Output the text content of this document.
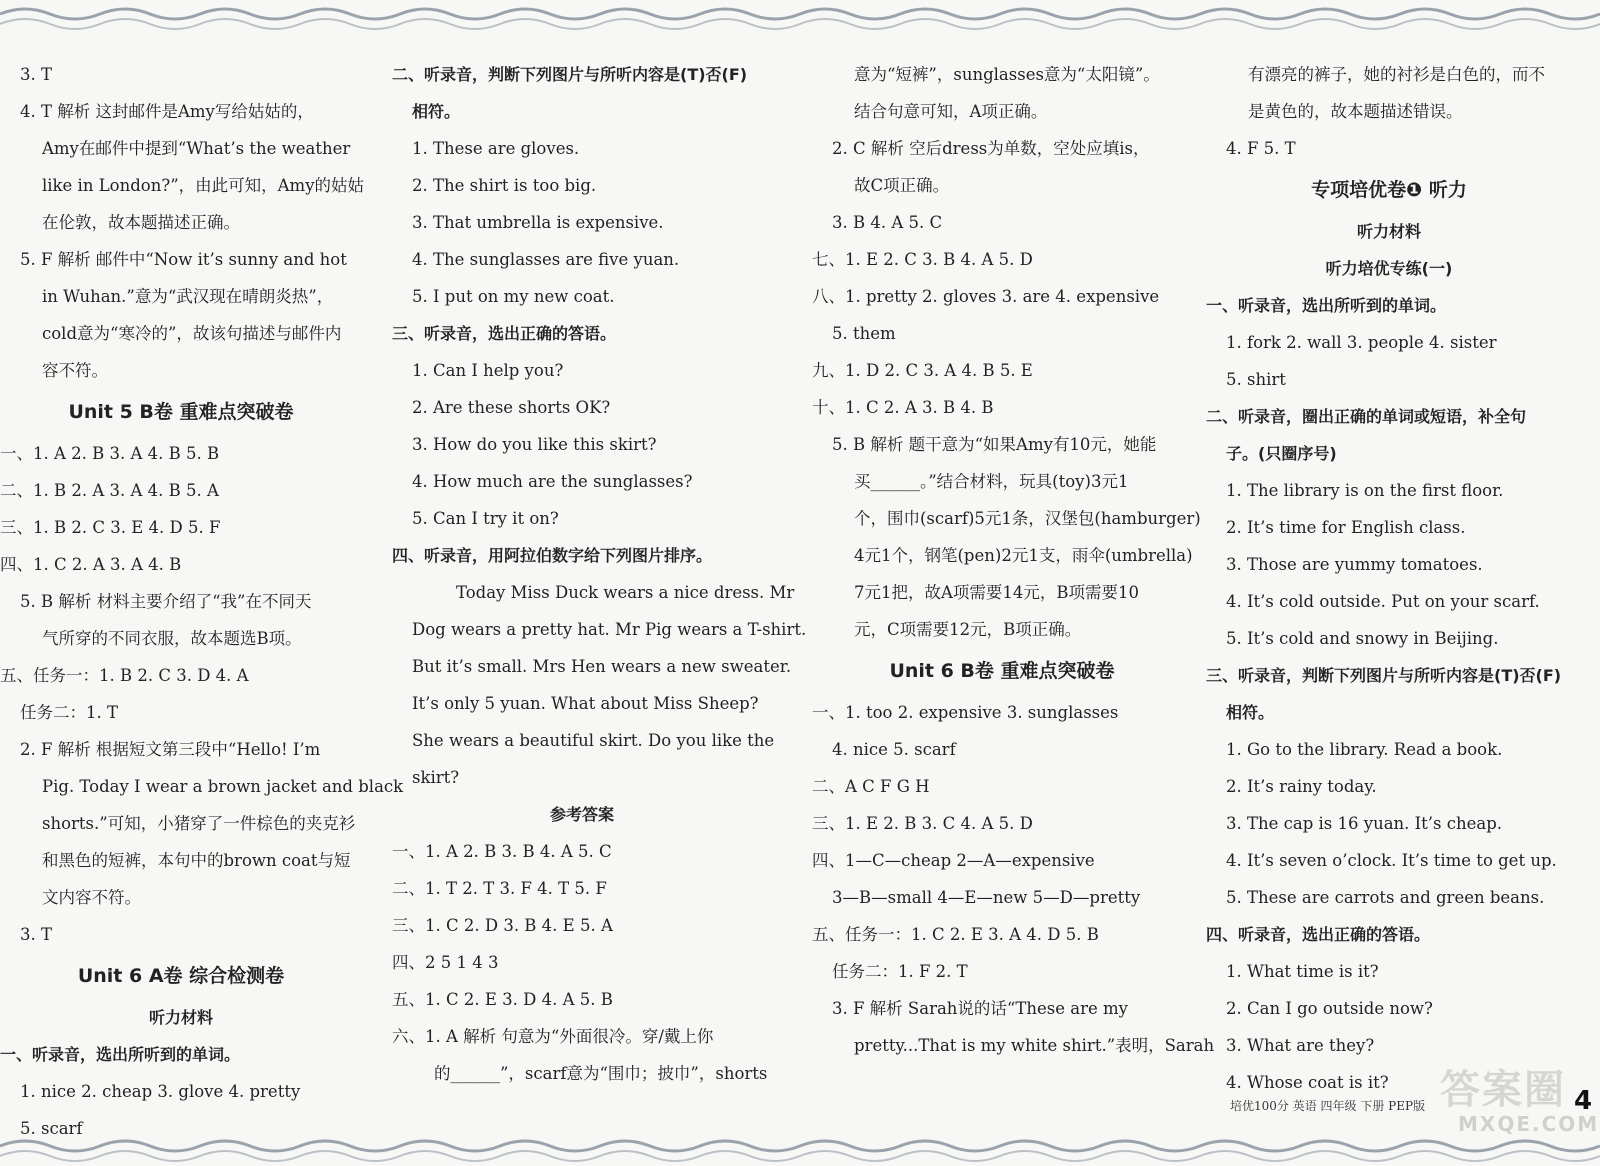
3. T
4. T 解析 这封邮件是Amy写给姑姑的，
Amy在邮件中提到“What’s the weather
like in London?”，由此可知，Amy的姑姑
在伦敦，故本题描述正确。
5. F 解析 邮件中“Now it’s sunny and hot
in Wuhan.”意为“武汉现在晴朗炎热”，
cold意为“寒冷的”，故该句描述与邮件内
容不符。
Unit 5 B卷 重难点突破卷
一、1. A 2. B 3. A 4. B 5. B
二、1. B 2. A 3. A 4. B 5. A
三、1. B 2. C 3. E 4. D 5. F
四、1. C 2. A 3. A 4. B
5. B 解析 材料主要介绍了“我”在不同天
气所穿的不同衣服，故本题选B项。
五、任务一：1. B 2. C 3. D 4. A
任务二：1. T
2. F 解析 根据短文第三段中“Hello! I’m
Pig. Today I wear a brown jacket and black
shorts.”可知，小猪穿了一件棕色的夹克衫
和黑色的短裤，本句中的brown coat与短
文内容不符。
3. T
Unit 6 A卷 综合检测卷
听力材料
一、听录音，选出所听到的单词。
1. nice 2. cheap 3. glove 4. pretty
5. scarf
二、听录音，判断下列图片与所听内容是(T)否(F)
相符。
1. These are gloves.
2. The shirt is too big.
3. That umbrella is expensive.
4. The sunglasses are five yuan.
5. I put on my new coat.
三、听录音，选出正确的答语。
1. Can I help you?
2. Are these shorts OK?
3. How do you like this skirt?
4. How much are the sunglasses?
5. Can I try it on?
四、听录音，用阿拉伯数字给下列图片排序。
Today Miss Duck wears a nice dress. Mr
Dog wears a pretty hat. Mr Pig wears a T-shirt.
But it’s small. Mrs Hen wears a new sweater.
It’s only 5 yuan. What about Miss Sheep?
She wears a beautiful skirt. Do you like the
skirt?
参考答案
一、1. A 2. B 3. B 4. A 5. C
二、1. T 2. T 3. F 4. T 5. F
三、1. C 2. D 3. B 4. E 5. A
四、2 5 1 4 3
五、1. C 2. E 3. D 4. A 5. B
六、1. A 解析 句意为“外面很冷。穿/戴上你
的______”，scarf意为“围巾；披巾”，shorts
意为“短裤”，sunglasses意为“太阳镜”。
结合句意可知，A项正确。
2. C 解析 空后dress为单数，空处应填is，
故C项正确。
3. B 4. A 5. C
七、1. E 2. C 3. B 4. A 5. D
八、1. pretty 2. gloves 3. are 4. expensive
5. them
九、1. D 2. C 3. A 4. B 5. E
十、1. C 2. A 3. B 4. B
5. B 解析 题干意为“如果Amy有10元，她能
买______。”结合材料，玩具(toy)3元1
个，围巾(scarf)5元1条，汉堡包(hamburger)
4元1个，钢笔(pen)2元1支，雨伞(umbrella)
7元1把，故A项需要14元，B项需要10
元，C项需要12元，B项正确。
Unit 6 B卷 重难点突破卷
一、1. too 2. expensive 3. sunglasses
4. nice 5. scarf
二、A C F G H
三、1. E 2. B 3. C 4. A 5. D
四、1—C—cheap 2—A—expensive
3—B—small 4—E—new 5—D—pretty
五、任务一：1. C 2. E 3. A 4. D 5. B
任务二：1. F 2. T
3. F 解析 Sarah说的话“These are my
pretty...That is my white shirt.”表明，Sarah
有漂亮的裤子，她的衬衫是白色的，而不
是黄色的，故本题描述错误。
4. F 5. T
专项培优卷❶ 听力
听力材料
听力培优专练(一)
一、听录音，选出所听到的单词。
1. fork 2. wall 3. people 4. sister
5. shirt
二、听录音，圈出正确的单词或短语，补全句
子。(只圈序号)
1. The library is on the first floor.
2. It’s time for English class.
3. Those are yummy tomatoes.
4. It’s cold outside. Put on your scarf.
5. It’s cold and snowy in Beijing.
三、听录音，判断下列图片与所听内容是(T)否(F)
相符。
1. Go to the library. Read a book.
2. It’s rainy today.
3. The cap is 16 yuan. It’s cheap.
4. It’s seven o’clock. It’s time to get up.
5. These are carrots and green beans.
四、听录音，选出正确的答语。
1. What time is it?
2. Can I go outside now?
3. What are they?
4. Whose coat is it?	答案圈
MXQE.COM
培优100分 英语 四年级 下册 PEP版	4
